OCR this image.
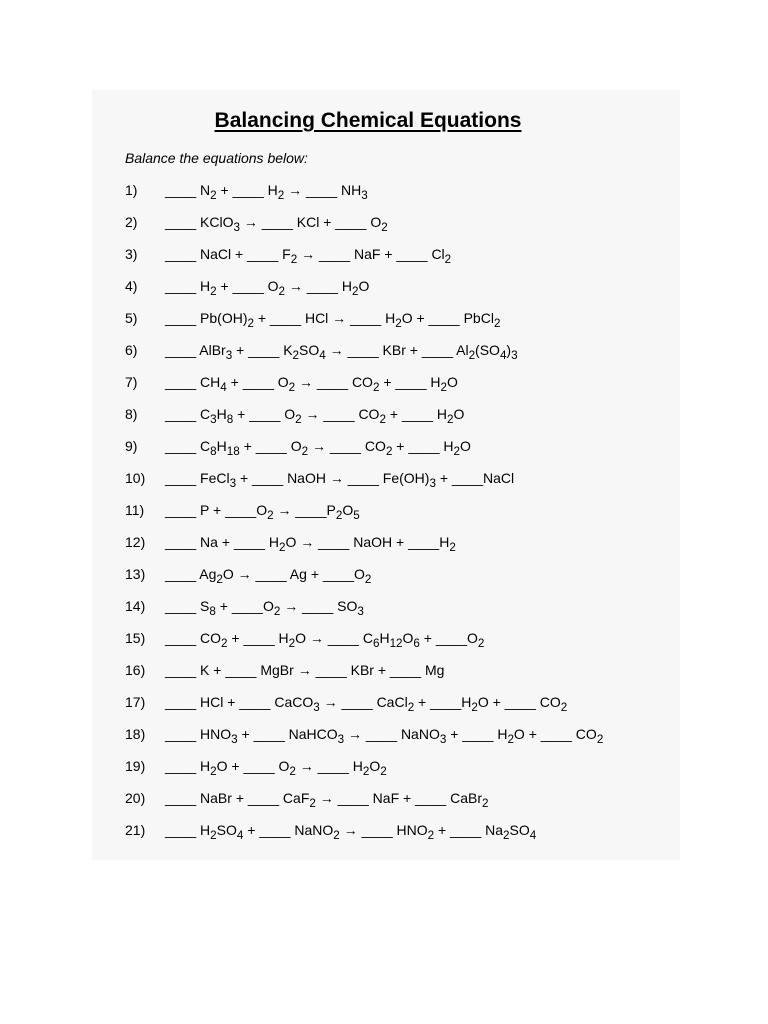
Balancing Chemical Equations
Balance the equations below:
1) ____ $N_2$ + ____ $H_2$ → ____ $NH_3$
2) ____ KClO$_3$ → ____ KCl + ____ $O_2$
3) ____ NaCl + ____ $F_2$ → ____ NaF + ____ $Cl_2$
4) ____ $H_2$ + ____ $O_2$ → ____ $H_2O$
5) ____ $Pb(OH)_2$ + ____ HCl → ____ $H_2O$ + ____ PbCl$_2$
6) ____ AlBr$_3$ + ____ $K_2SO_4$ → ____ KBr + ____ $Al_2(SO_4)_3$
7) ____ $CH_4$ + ____ $O_2$ → ____ $CO_2$ + ____ $H_2O$
8) ____ $C_3H_8$ + ____ $O_2$ → ____ $CO_2$ + ____ $H_2O$
9) ____ $C_8H_{18}$ + ____ $O_2$ → ____ $CO_2$ + ____ $H_2O$
10) ____ FeCl$_3$ + ____ NaOH → ____ $Fe(OH)_3$ + ____NaCl
11) ____ $P + \_\_\_\_O_2$ → $\_\_\_\_P_2O_5$
12) ____ Na + ____ $H_2O$ → ____ NaOH + $\_\_\_\_H_2$
13) ____ $Ag_2O$ → ____ $Ag + \_\_\_\_O_2$
14) ____ $S_8$ + $\_\_\_\_O_2$ → ____ $SO_3$
15) ____ $CO_2$ + ____ $H_2O$ → ____ $C_6H_{12}O_6$ + $\_\_\_\_O_2$
16) ____ K + ____ MgBr → ____ KBr + ____ Mg
17) ____ HCl + ____ CaCO$_3$ → ____ CaCl$_2$ + $\_\_\_\_H_2O$ + ____ $CO_2$
18) ____ $HNO_3$ + ____ NaHCO$_3$ → ____ NaNO$_3$ + ____ $H_2O$ + ____ $CO_2$
19) ____ $H_2O$ + ____ $O_2$ → ____ $H_2O_2$
20) ____ NaBr + ____ CaF$_2$ → ____ NaF + ____ CaBr$_2$
21) ____ $H_2SO_4$ + ____ NaNO$_2$ → ____ $HNO_2$ + ____ $Na_2SO_4$
